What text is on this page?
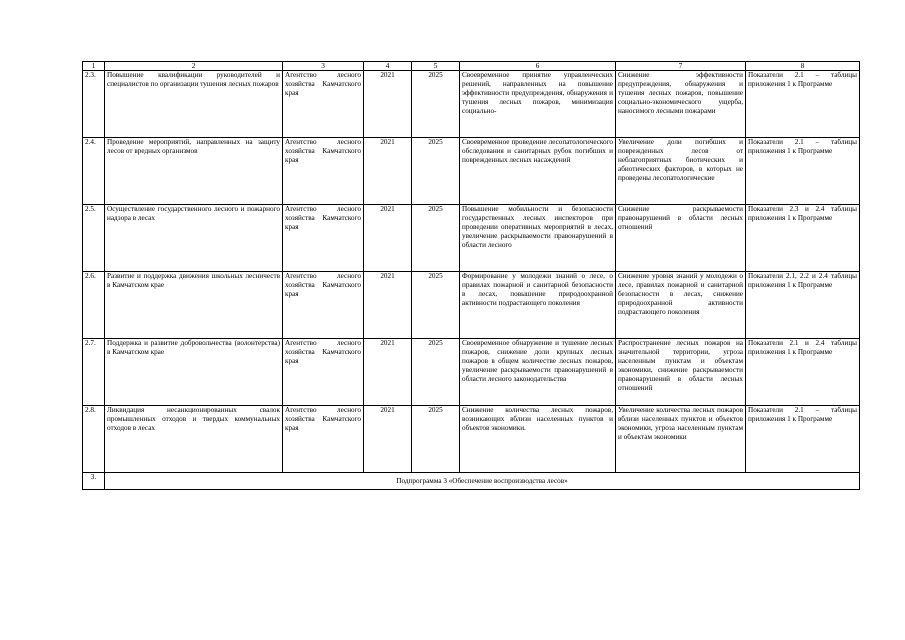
1	2	3	4	5	6	7	8

2.3.	Повышение квалификации руководителей и специалистов по организации тушения лесных пожаров	Агентство лесного хозяйства Камчатского края	2021	2025	Своевременное принятие управленческих решений, направленных на повышение эффективности предупреждения, обнаружения и тушения лесных пожаров, минимизация социально-	Снижение эффективности предупреждения, обнаружения и тушения лесных пожаров, повышение социально-экономического ущерба, наносимого лесными пожарами	Показатели 2.1 – таблицы приложения 1 к Программе

2.4.	Проведение мероприятий, направленных на защиту лесов от вредных организмов	Агентство лесного хозяйства Камчатского края	2021	2025	Своевременное проведение лесопатологического обследования и санитарных рубок погибших и поврежденных лесных насаждений	Увеличение доли погибших и поврежденных лесов от неблагоприятных биотических и абиотических факторов, в которых не проведены лесопатологические	Показатели 2.1 – таблицы приложения 1 к Программе

2.5.	Осуществление государственного лесного и пожарного надзора в лесах	Агентство лесного хозяйства Камчатского края	2021	2025	Повышение мобильности и безопасности государственных лесных инспекторов при проведении оперативных мероприятий в лесах, увеличение раскрываемости правонарушений в области лесного	Снижение раскрываемости правонарушений в области лесных отношений	Показатели 2.3 и 2.4 таблицы приложения 1 к Программе

2.6.	Развитие и поддержка движения школьных лесничеств в Камчатском крае	Агентство лесного хозяйства Камчатского края	2021	2025	Формирование у молодежи знаний о лесе, о правилах пожарной и санитарной безопасности в лесах, повышение природоохранной активности подрастающего поколения	Снижение уровня знаний у молодежи о лесе, правилах пожарной и санитарной безопасности в лесах, снижение природоохранной активности подрастающего поколения	Показатели 2.1, 2.2 и 2.4 таблицы приложения 1 к Программе

2.7.	Поддержка и развитие добровольчества (волонтерства) в Камчатском крае	Агентство лесного хозяйства Камчатского края	2021	2025	Своевременное обнаружение и тушение лесных пожаров, снижение доли крупных лесных пожаров в общем количестве лесных пожаров, увеличение раскрываемости правонарушений в области лесного законодательства	Распространение лесных пожаров на значительной территории, угроза населенным пунктам и объектам экономики, снижение раскрываемости правонарушений в области лесных отношений	Показатели 2.1 и 2.4 таблицы приложения 1 к Программе

2.8.	Ликвидация несанкционированных свалок промышленных отходов и твердых коммунальных отходов в лесах	Агентство лесного хозяйства Камчатского края	2021	2025	Снижение количества лесных пожаров, возникающих вблизи населенных пунктов и объектов экономики.	Увеличение количества лесных пожаров вблизи населенных пунктов и объектов экономики, угроза населенным пунктам и объектам экономики	Показатели 2.1 – таблицы приложения 1 к Программе

3.	Подпрограмма 3 «Обеспечение воспроизводства лесов»						
